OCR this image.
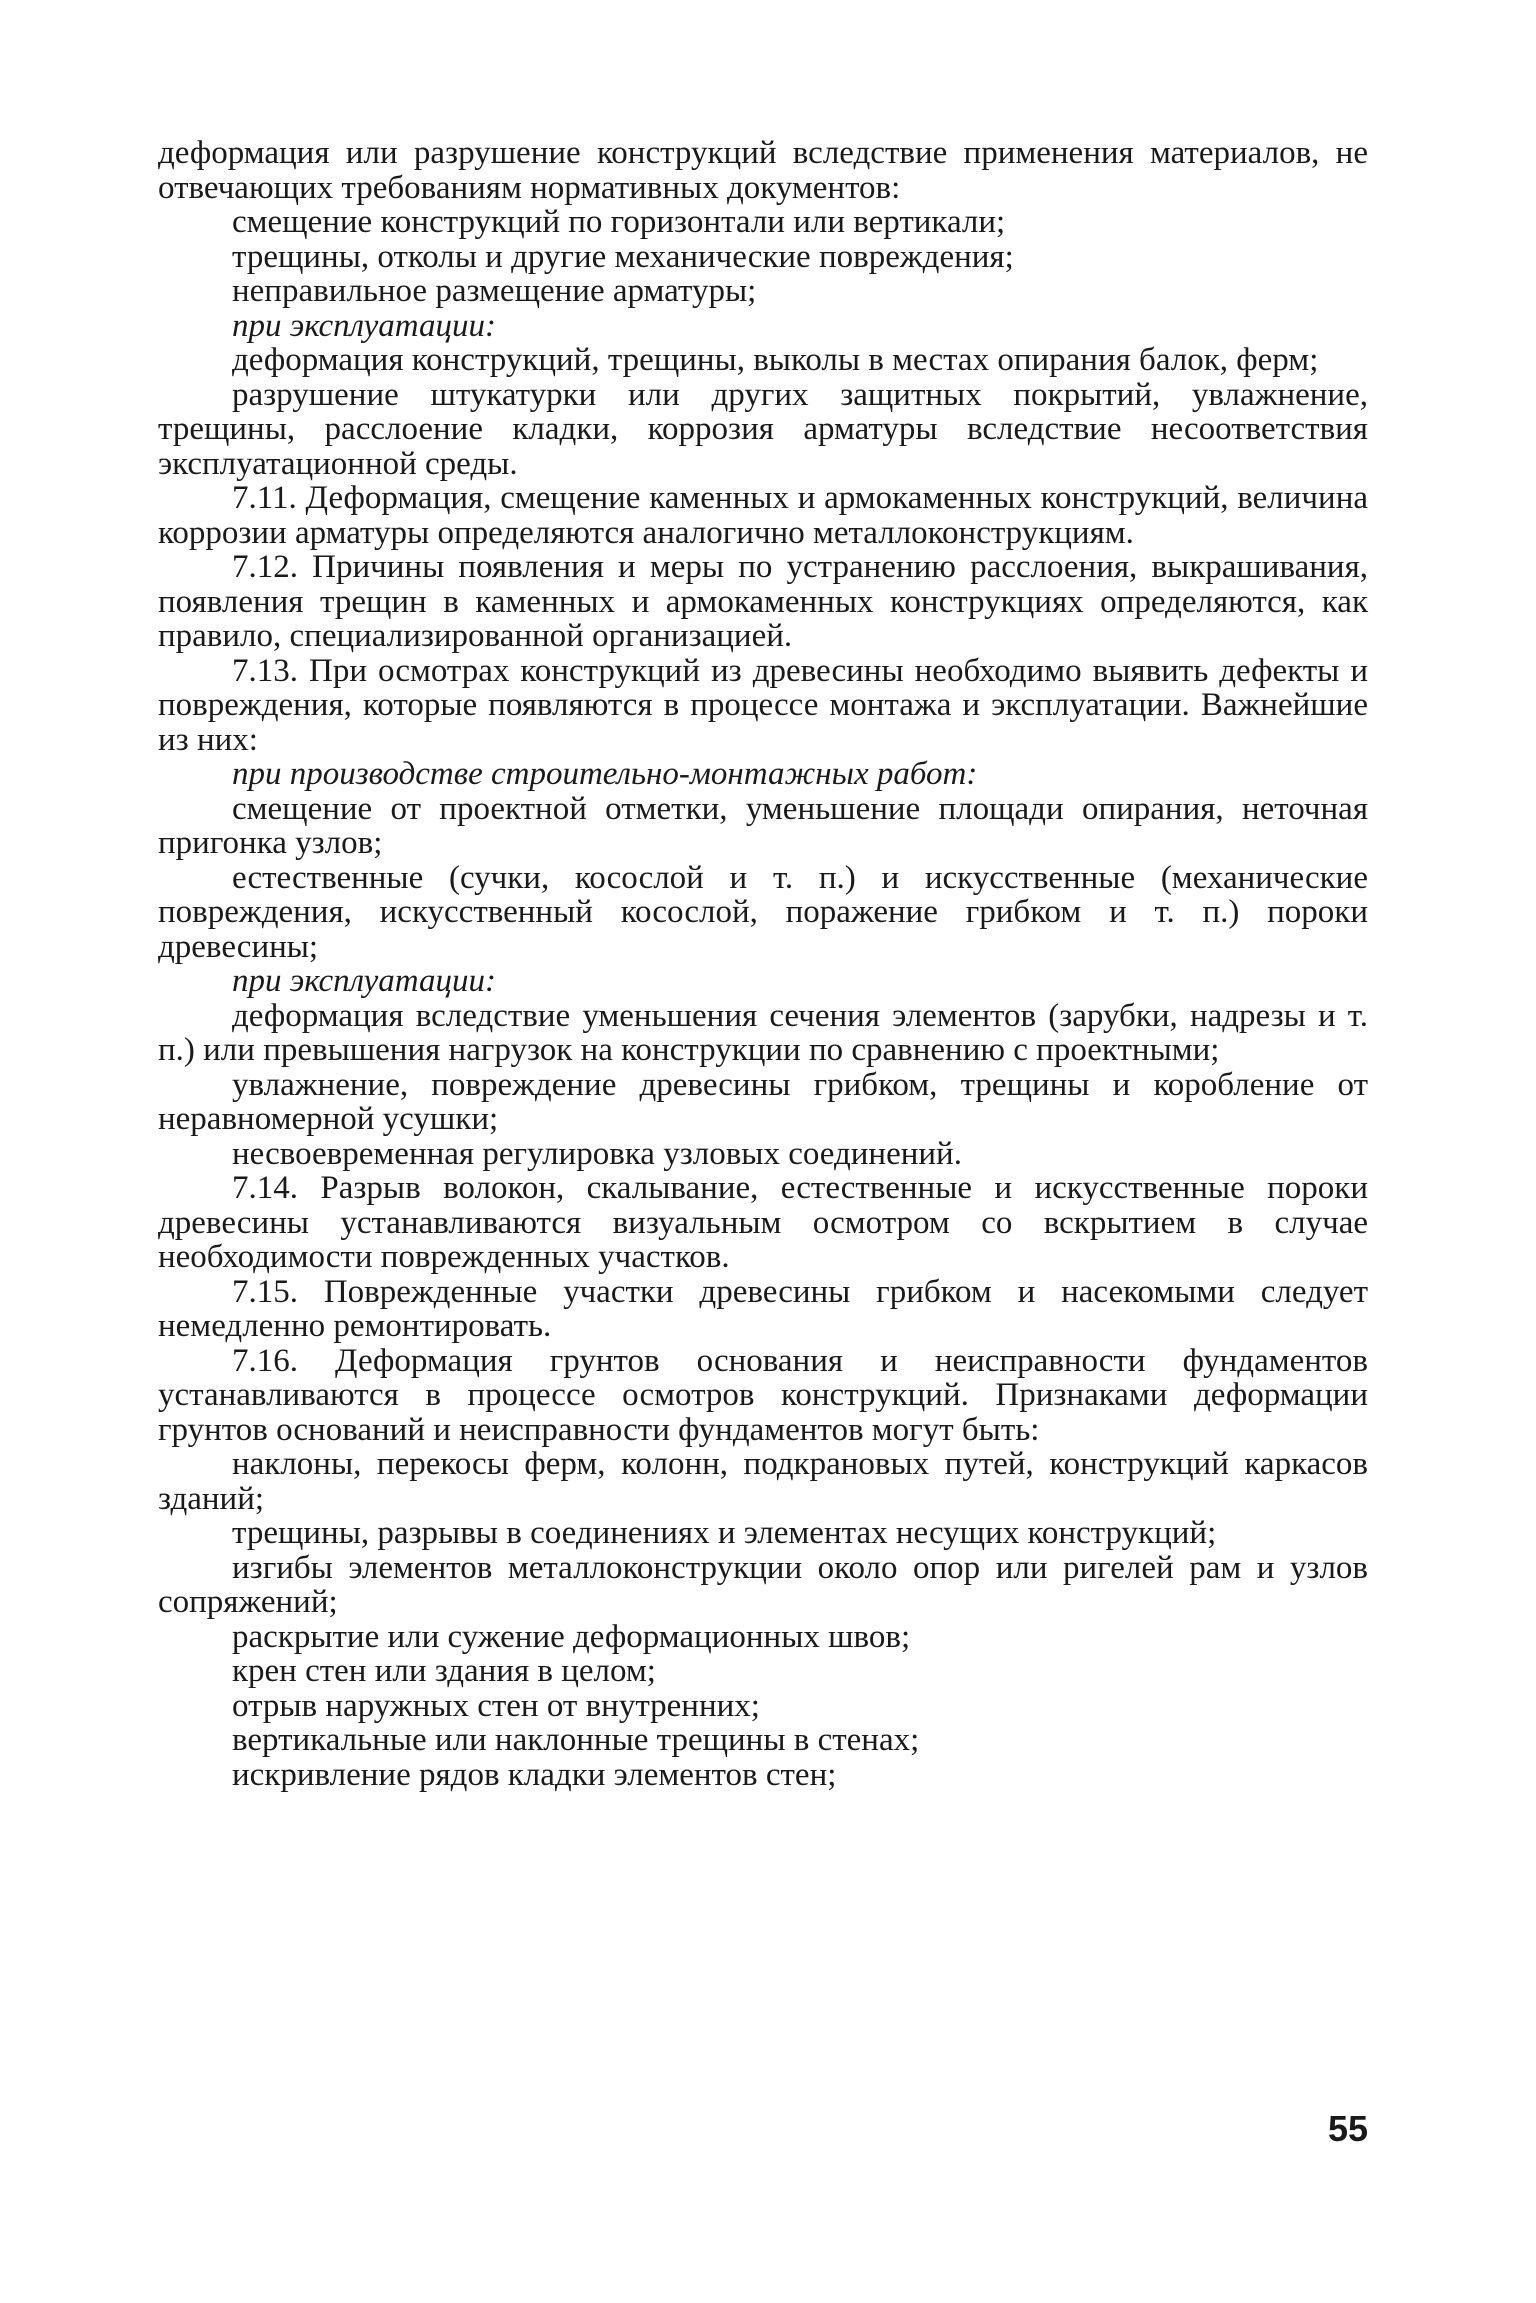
деформация или разрушение конструкций вследствие применения материалов, не отвечающих требованиям нормативных документов:

смещение конструкций по горизонтали или вертикали;

трещины, отколы и другие механические повреждения;

неправильное размещение арматуры;

при эксплуатации:

деформация конструкций, трещины, выколы в местах опирания балок, ферм;

разрушение штукатурки или других защитных покрытий, увлажнение, трещины, расслоение кладки, коррозия арматуры вследствие несоответствия эксплуатационной среды.

7.11. Деформация, смещение каменных и армокаменных конструкций, величина коррозии арматуры определяются аналогично металлоконструкциям.

7.12. Причины появления и меры по устранению расслоения, выкрашивания, появления трещин в каменных и армокаменных конструкциях определяются, как правило, специализированной организацией.

7.13. При осмотрах конструкций из древесины необходимо выявить дефекты и повреждения, которые появляются в процессе монтажа и эксплуатации. Важнейшие из них:

при производстве строительно-монтажных работ:

смещение от проектной отметки, уменьшение площади опирания, неточная пригонка узлов;

естественные (сучки, косослой и т. п.) и искусственные (механические повреждения, искусственный косослой, поражение грибком и т. п.) пороки древесины;

при эксплуатации:

деформация вследствие уменьшения сечения элементов (зарубки, надрезы и т. п.) или превышения нагрузок на конструкции по сравнению с проектными;

увлажнение, повреждение древесины грибком, трещины и коробление от неравномерной усушки;

несвоевременная регулировка узловых соединений.

7.14. Разрыв волокон, скалывание, естественные и искусственные пороки древесины устанавливаются визуальным осмотром со вскрытием в случае необходимости поврежденных участков.

7.15. Поврежденные участки древесины грибком и насекомыми следует немедленно ремонтировать.

7.16. Деформация грунтов основания и неисправности фундаментов устанавливаются в процессе осмотров конструкций. Признаками деформации грунтов оснований и неисправности фундаментов могут быть:

наклоны, перекосы ферм, колонн, подкрановых путей, конструкций каркасов зданий;

трещины, разрывы в соединениях и элементах несущих конструкций;

изгибы элементов металлоконструкции около опор или ригелей рам и узлов сопряжений;

раскрытие или сужение деформационных швов;

крен стен или здания в целом;

отрыв наружных стен от внутренних;

вертикальные или наклонные трещины в стенах;

искривление рядов кладки элементов стен;

55
